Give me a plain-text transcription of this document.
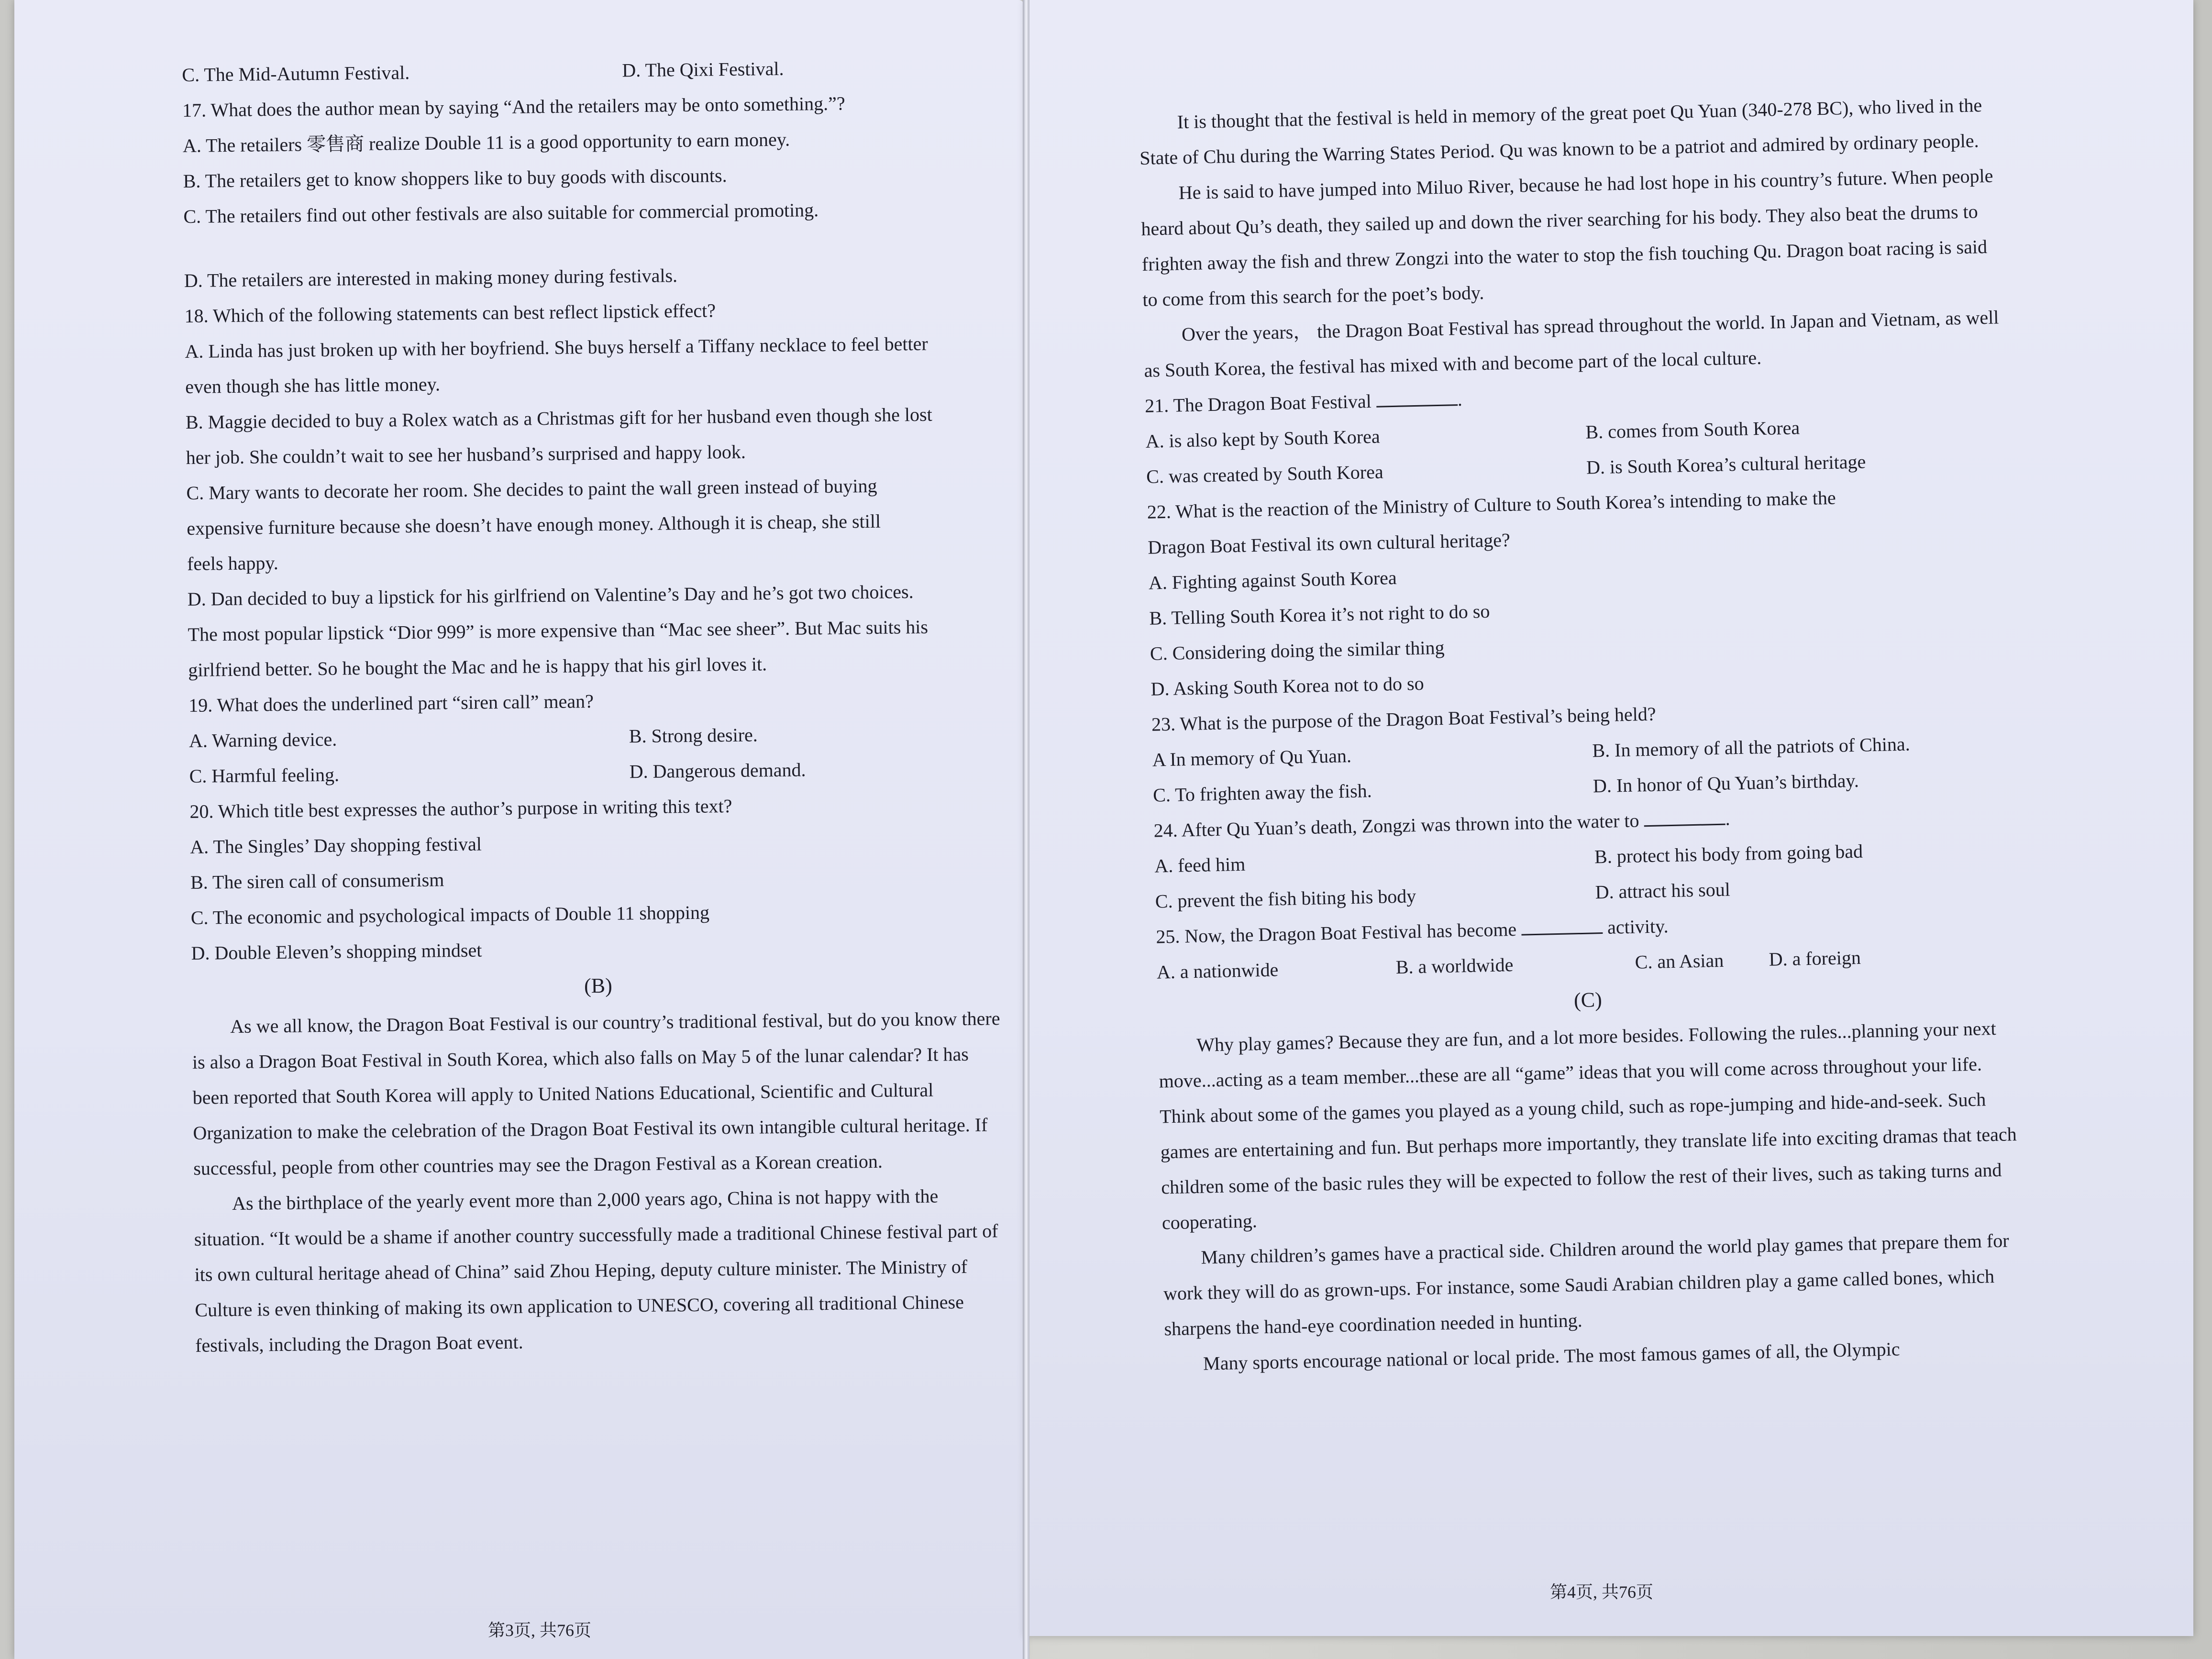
C. The Mid-Autumn Festival.	D. The Qixi Festival.
17. What does the author mean by saying “And the retailers may be onto something.”?
A. The retailers 零售商 realize Double 11 is a good opportunity to earn money.
B. The retailers get to know shoppers like to buy goods with discounts.
C. The retailers find out other festivals are also suitable for commercial promoting.
D. The retailers are interested in making money during festivals.
18. Which of the following statements can best reflect lipstick effect?
A. Linda has just broken up with her boyfriend. She buys herself a Tiffany necklace to feel better
even though she has little money.
B. Maggie decided to buy a Rolex watch as a Christmas gift for her husband even though she lost
her job. She couldn’t wait to see her husband’s surprised and happy look.
C. Mary wants to decorate her room. She decides to paint the wall green instead of buying
expensive furniture because she doesn’t have enough money. Although it is cheap, she still
feels happy.
D. Dan decided to buy a lipstick for his girlfriend on Valentine’s Day and he’s got two choices.
The most popular lipstick “Dior 999” is more expensive than “Mac see sheer”. But Mac suits his
girlfriend better. So he bought the Mac and he is happy that his girl loves it.
19. What does the underlined part “siren call” mean?
A. Warning device.	B. Strong desire.
C. Harmful feeling.	D. Dangerous demand.
20. Which title best expresses the author’s purpose in writing this text?
A. The Singles’ Day shopping festival
B. The siren call of consumerism
C. The economic and psychological impacts of Double 11 shopping
D. Double Eleven’s shopping mindset
(B)

As we all know, the Dragon Boat Festival is our country’s traditional festival, but do you know there is also a Dragon Boat Festival in South Korea, which also falls on May 5 of the lunar calendar? It has been reported that South Korea will apply to United Nations Educational, Scientific and Cultural Organization to make the celebration of the Dragon Boat Festival its own intangible cultural heritage. If successful, people from other countries may see the Dragon Festival as a Korean creation.

As the birthplace of the yearly event more than 2,000 years ago, China is not happy with the situation. “It would be a shame if another country successfully made a traditional Chinese festival part of its own cultural heritage ahead of China” said Zhou Heping, deputy culture minister. The Ministry of Culture is even thinking of making its own application to UNESCO, covering all traditional Chinese festivals, including the Dragon Boat event.

第3页, 共76页

It is thought that the festival is held in memory of the great poet Qu Yuan (340-278 BC), who lived in the State of Chu during the Warring States Period. Qu was known to be a patriot and admired by ordinary people.

He is said to have jumped into Miluo River, because he had lost hope in his country’s future. When people heard about Qu’s death, they sailed up and down the river searching for his body. They also beat the drums to frighten away the fish and threw Zongzi into the water to stop the fish touching Qu. Dragon boat racing is said to come from this search for the poet’s body.

Over the years， the Dragon Boat Festival has spread throughout the world. In Japan and Vietnam, as well as South Korea, the festival has mixed with and become part of the local culture.

21. The Dragon Boat Festival	.
A. is also kept by South Korea	B. comes from South Korea
C. was created by South Korea	D. is South Korea’s cultural heritage
22. What is the reaction of the Ministry of Culture to South Korea’s intending to make the
Dragon Boat Festival its own cultural heritage?
A. Fighting against South Korea
B. Telling South Korea it’s not right to do so
C. Considering doing the similar thing
D. Asking South Korea not to do so
23. What is the purpose of the Dragon Boat Festival’s being held?
A In memory of Qu Yuan.	B. In memory of all the patriots of China.
C. To frighten away the fish.	D. In honor of Qu Yuan’s birthday.
24. After Qu Yuan’s death, Zongzi was thrown into the water to	.
A. feed him	B. protect his body from going bad
C. prevent the fish biting his body	D. attract his soul
25. Now, the Dragon Boat Festival has become	activity.
A. a nationwide	B. a worldwide	C. an Asian	D. a foreign
(C)

Why play games? Because they are fun, and a lot more besides. Following the rules...planning your next move...acting as a team member...these are all “game” ideas that you will come across throughout your life. Think about some of the games you played as a young child, such as rope-jumping and hide-and-seek. Such games are entertaining and fun. But perhaps more importantly, they translate life into exciting dramas that teach children some of the basic rules they will be expected to follow the rest of their lives, such as taking turns and cooperating.

Many children’s games have a practical side. Children around the world play games that prepare them for work they will do as grown-ups. For instance, some Saudi Arabian children play a game called bones, which sharpens the hand-eye coordination needed in hunting.

Many sports encourage national or local pride. The most famous games of all, the Olympic

第4页, 共76页
